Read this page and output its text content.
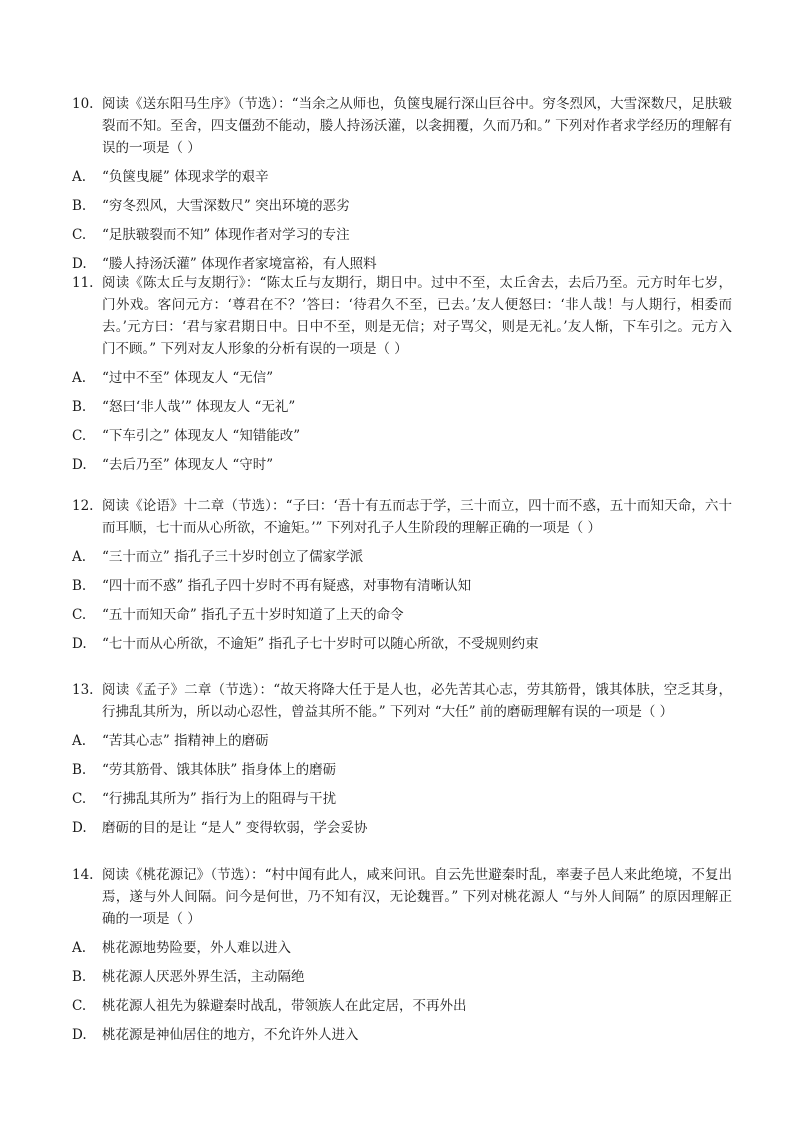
10. 阅读《送东阳马生序》（节选）：“当余之从师也，负箧曳屣行深山巨谷中。穷冬烈风，大雪深数尺，足肤皲裂而不知。至舍，四支僵劲不能动，媵人持汤沃灌，以衾拥覆，久而乃和。” 下列对作者求学经历的理解有误的一项是（ ）
A. “负箧曳屣” 体现求学的艰辛
B. “穷冬烈风，大雪深数尺” 突出环境的恶劣
C. “足肤皲裂而不知” 体现作者对学习的专注
D. “媵人持汤沃灌” 体现作者家境富裕，有人照料
11. 阅读《陈太丘与友期行》：“陈太丘与友期行，期日中。过中不至，太丘舍去，去后乃至。元方时年七岁，门外戏。客问元方：‘尊君在不？’答曰：‘待君久不至，已去。’友人便怒曰：‘非人哉！与人期行，相委而去。’元方曰：‘君与家君期日中。日中不至，则是无信；对子骂父，则是无礼。’友人惭，下车引之。元方入门不顾。” 下列对友人形象的分析有误的一项是（ ）
A. “过中不至” 体现友人 “无信”
B. “怒曰‘非人哉’” 体现友人 “无礼”
C. “下车引之” 体现友人 “知错能改”
D. “去后乃至” 体现友人 “守时”
12. 阅读《论语》十二章（节选）：“子曰：‘吾十有五而志于学，三十而立，四十而不惑，五十而知天命，六十而耳顺，七十而从心所欲，不逾矩。’” 下列对孔子人生阶段的理解正确的一项是（ ）
A. “三十而立” 指孔子三十岁时创立了儒家学派
B. “四十而不惑” 指孔子四十岁时不再有疑惑，对事物有清晰认知
C. “五十而知天命” 指孔子五十岁时知道了上天的命令
D. “七十而从心所欲，不逾矩” 指孔子七十岁时可以随心所欲，不受规则约束
13. 阅读《孟子》二章（节选）：“故天将降大任于是人也，必先苦其心志，劳其筋骨，饿其体肤，空乏其身，行拂乱其所为，所以动心忍性，曾益其所不能。” 下列对 “大任” 前的磨砺理解有误的一项是（ ）
A. “苦其心志” 指精神上的磨砺
B. “劳其筋骨、饿其体肤” 指身体上的磨砺
C. “行拂乱其所为” 指行为上的阻碍与干扰
D. 磨砺的目的是让 “是人” 变得软弱，学会妥协
14. 阅读《桃花源记》（节选）：“村中闻有此人，咸来问讯。自云先世避秦时乱，率妻子邑人来此绝境，不复出焉，遂与外人间隔。问今是何世，乃不知有汉，无论魏晋。” 下列对桃花源人 “与外人间隔” 的原因理解正确的一项是（ ）
A. 桃花源地势险要，外人难以进入
B. 桃花源人厌恶外界生活，主动隔绝
C. 桃花源人祖先为躲避秦时战乱，带领族人在此定居，不再外出
D. 桃花源是神仙居住的地方，不允许外人进入
